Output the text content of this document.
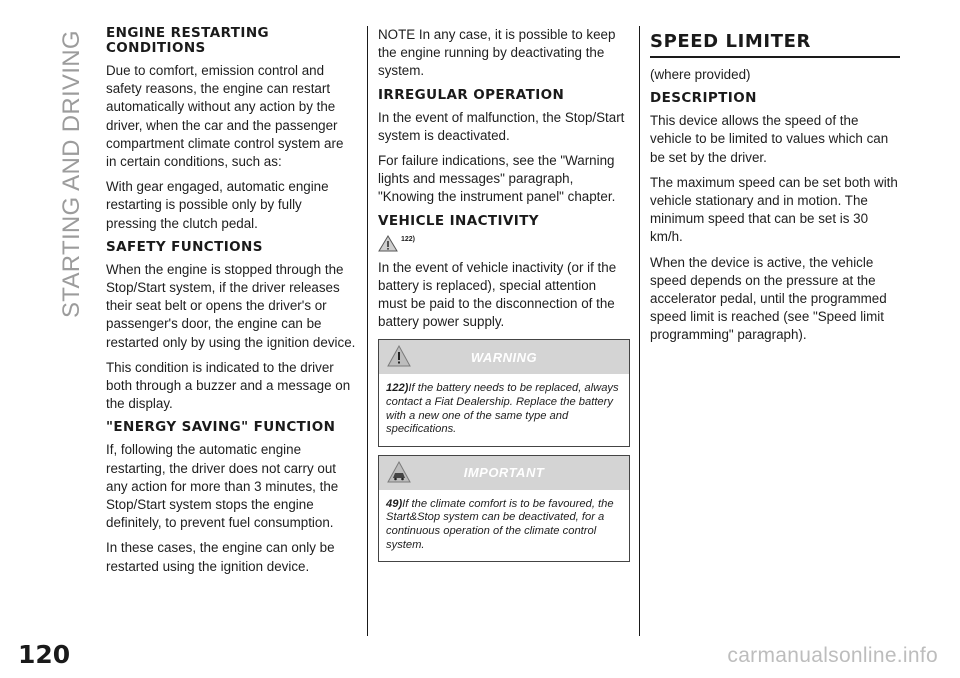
STARTING AND DRIVING ENGINE RESTARTING CONDITIONS

Due to comfort, emission control and safety reasons, the engine can restart automatically without any action by the driver, when the car and the passenger compartment climate control system are in certain conditions, such as:

With gear engaged, automatic engine restarting is possible only by fully pressing the clutch pedal.

SAFETY FUNCTIONS

When the engine is stopped through the Stop/Start system, if the driver releases their seat belt or opens the driver's or passenger's door, the engine can be restarted only by using the ignition device.

This condition is indicated to the driver both through a buzzer and a message on the display.

"ENERGY SAVING" FUNCTION

If, following the automatic engine restarting, the driver does not carry out any action for more than 3 minutes, the Stop/Start system stops the engine definitely, to prevent fuel consumption.

In these cases, the engine can only be restarted using the ignition device.

NOTE In any case, it is possible to keep the engine running by deactivating the system.

IRREGULAR OPERATION

In the event of malfunction, the Stop/Start system is deactivated.

For failure indications, see the "Warning lights and messages" paragraph, "Knowing the instrument panel" chapter.

VEHICLE INACTIVITY
122)

In the event of vehicle inactivity (or if the battery is replaced), special attention must be paid to the disconnection of the battery power supply.

WARNING
122)If the battery needs to be replaced, always contact a Fiat Dealership. Replace the battery with a new one of the same type and specifications.
IMPORTANT
49)If the climate comfort is to be favoured, the Start&Stop system can be deactivated, for a continuous operation of the climate control system.
SPEED LIMITER

(where provided)

DESCRIPTION

This device allows the speed of the vehicle to be limited to values which can be set by the driver.

The maximum speed can be set both with vehicle stationary and in motion. The minimum speed that can be set is 30 km/h.

When the device is active, the vehicle speed depends on the pressure at the accelerator pedal, until the programmed speed limit is reached (see "Speed limit programming" paragraph).

120	carmanualsonline.info
